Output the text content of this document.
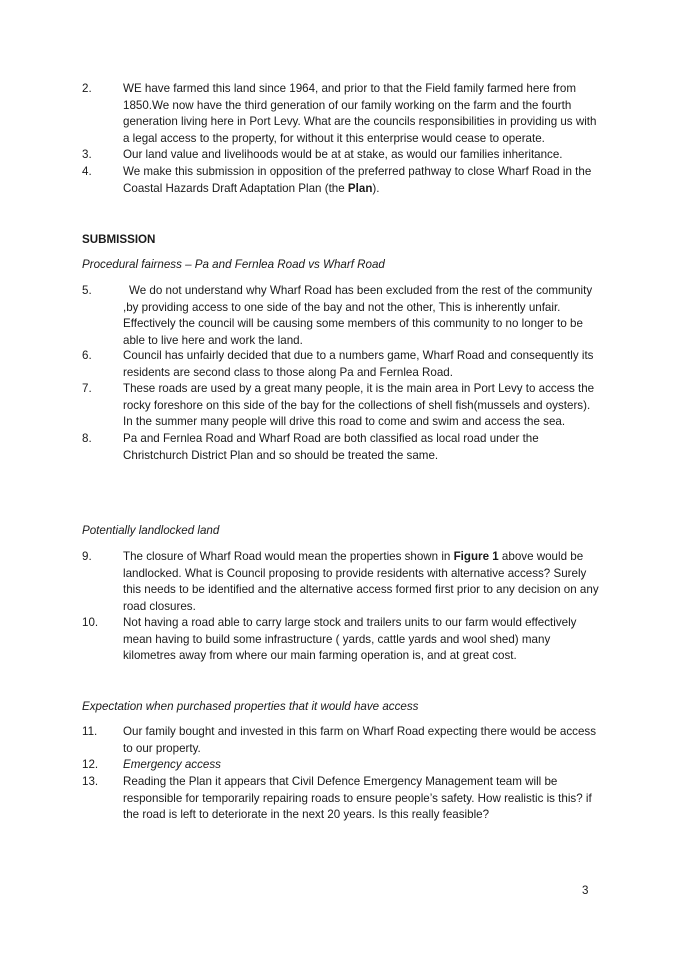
2.	WE have farmed this land since 1964, and prior to that the Field family farmed here from 1850.We now have the third generation of our family working on the farm and the fourth generation living here in Port Levy. What are the councils responsibilities in providing us with a legal access to the property, for without it this enterprise would cease to operate.
3.	Our land value and livelihoods would be at at stake, as would our families inheritance.
4.	We make this submission in opposition of the preferred pathway to close Wharf Road in the Coastal Hazards Draft Adaptation Plan (the Plan).
SUBMISSION
Procedural fairness – Pa and Fernlea Road vs Wharf Road
5.	We do not understand why Wharf Road has been excluded from the rest of the community ,by providing access to one side of the bay and not the other, This is inherently unfair. Effectively the council will be causing some members of this community to no longer to be able to live here and work the land.
6.	Council has unfairly decided that due to a numbers game, Wharf Road and consequently its residents are second class to those along Pa and Fernlea Road.
7.	These roads are used by a great many people, it is the main area in Port Levy to access the rocky foreshore on this side of the bay for the collections of shell fish(mussels and oysters). In the summer many people will drive this road to come and swim and access the sea.
8.	Pa and Fernlea Road and Wharf Road are both classified as local road under the Christchurch District Plan and so should be treated the same.
Potentially landlocked land
9.	The closure of Wharf Road would mean the properties shown in Figure 1 above would be landlocked. What is Council proposing to provide residents with alternative access? Surely this needs to be identified and the alternative access formed first prior to any decision on any road closures.
10.	Not having a road able to carry large stock and trailers units to our farm would effectively mean having to build some infrastructure ( yards, cattle yards and wool shed) many kilometres away from where our main farming operation is, and at great cost.
Expectation when purchased properties that it would have access
11.	Our family bought and invested in this farm on Wharf Road expecting there would be access to our property.
12.	Emergency access
13.	Reading the Plan it appears that Civil Defence Emergency Management team will be responsible for temporarily repairing roads to ensure people’s safety. How realistic is this? if the road is left to deteriorate in the next 20 years. Is this really feasible?
3
